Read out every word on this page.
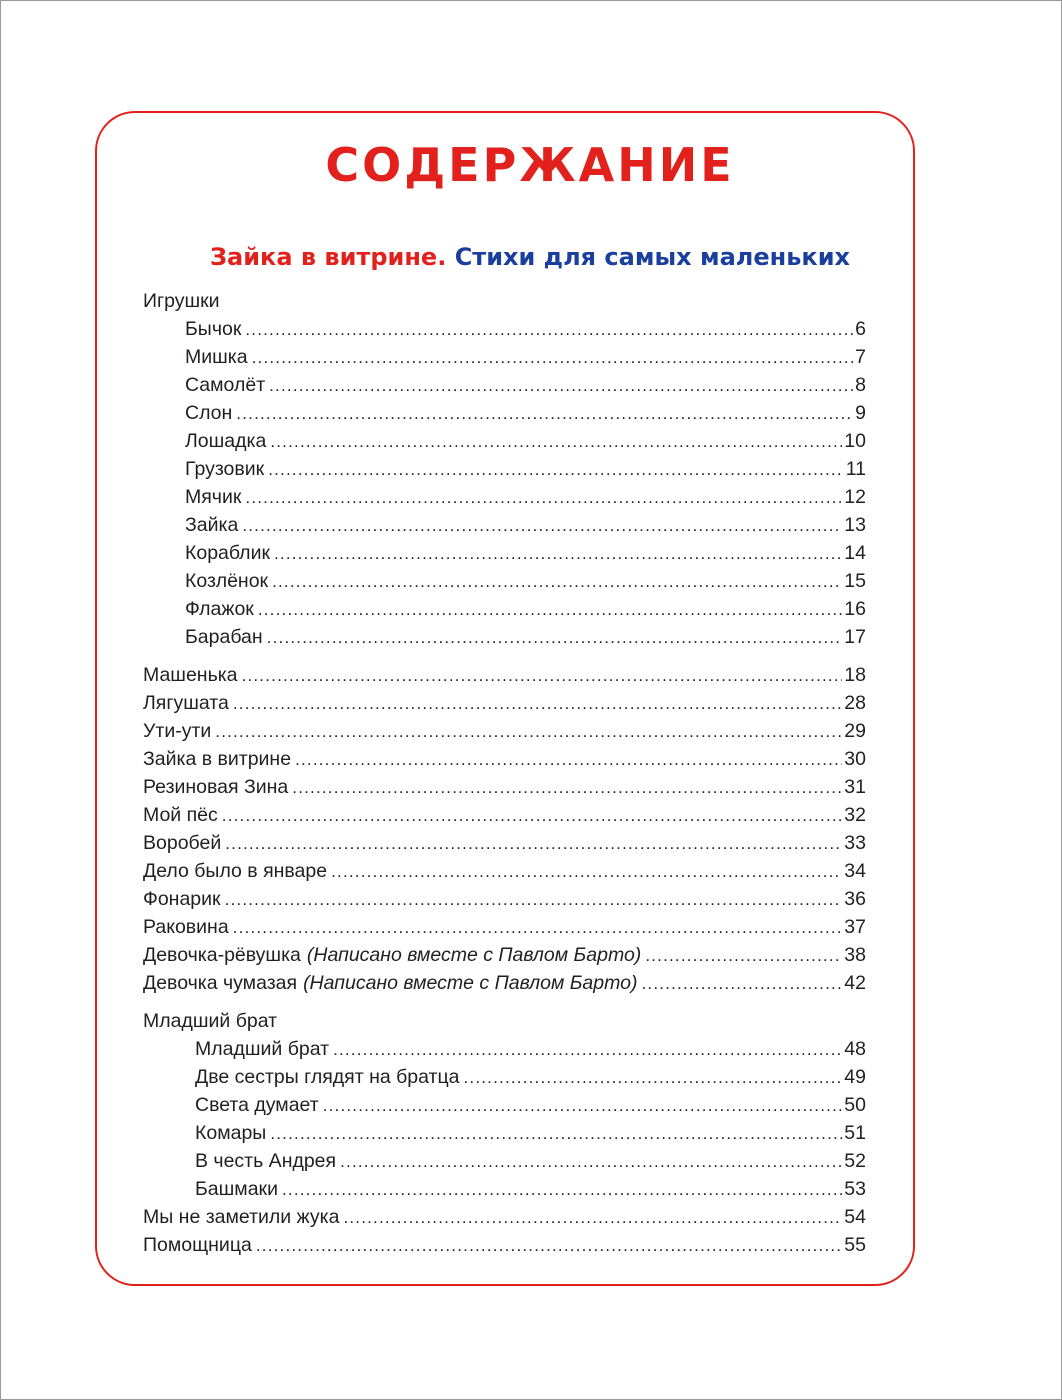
СОДЕРЖАНИЕ
Зайка в витрине. Стихи для самых маленьких
Игрушки
Младший брат
Бычок .....	6
Мишка .....	7
Самолёт .....	8
Слон .....	9
Лошадка .....	10
Грузовик .....	11
Мячик .....	12
Зайка .....	13
Кораблик .....	14
Козлёнок .....	15
Флажок .....	16
Барабан .....	17
Машенька .....	18
Лягушата .....	28
Ути-ути .....	29
Зайка в витрине .....	30
Резиновая Зина .....	31
Мой пёс .....	32
Воробей .....	33
Дело было в январе .....	34
Фонарик .....	36
Раковина .....	37
Девочка-рёвушка (Написано вместе с Павлом Барто) .....	38
Девочка чумазая (Написано вместе с Павлом Барто) .....	42
Младший брат .....	48
Две сестры глядят на братца .....	49
Света думает .....	50
Комары .....	51
В честь Андрея .....	52
Башмаки .....	53
Мы не заметили жука .....	54
Помощница .....	55
